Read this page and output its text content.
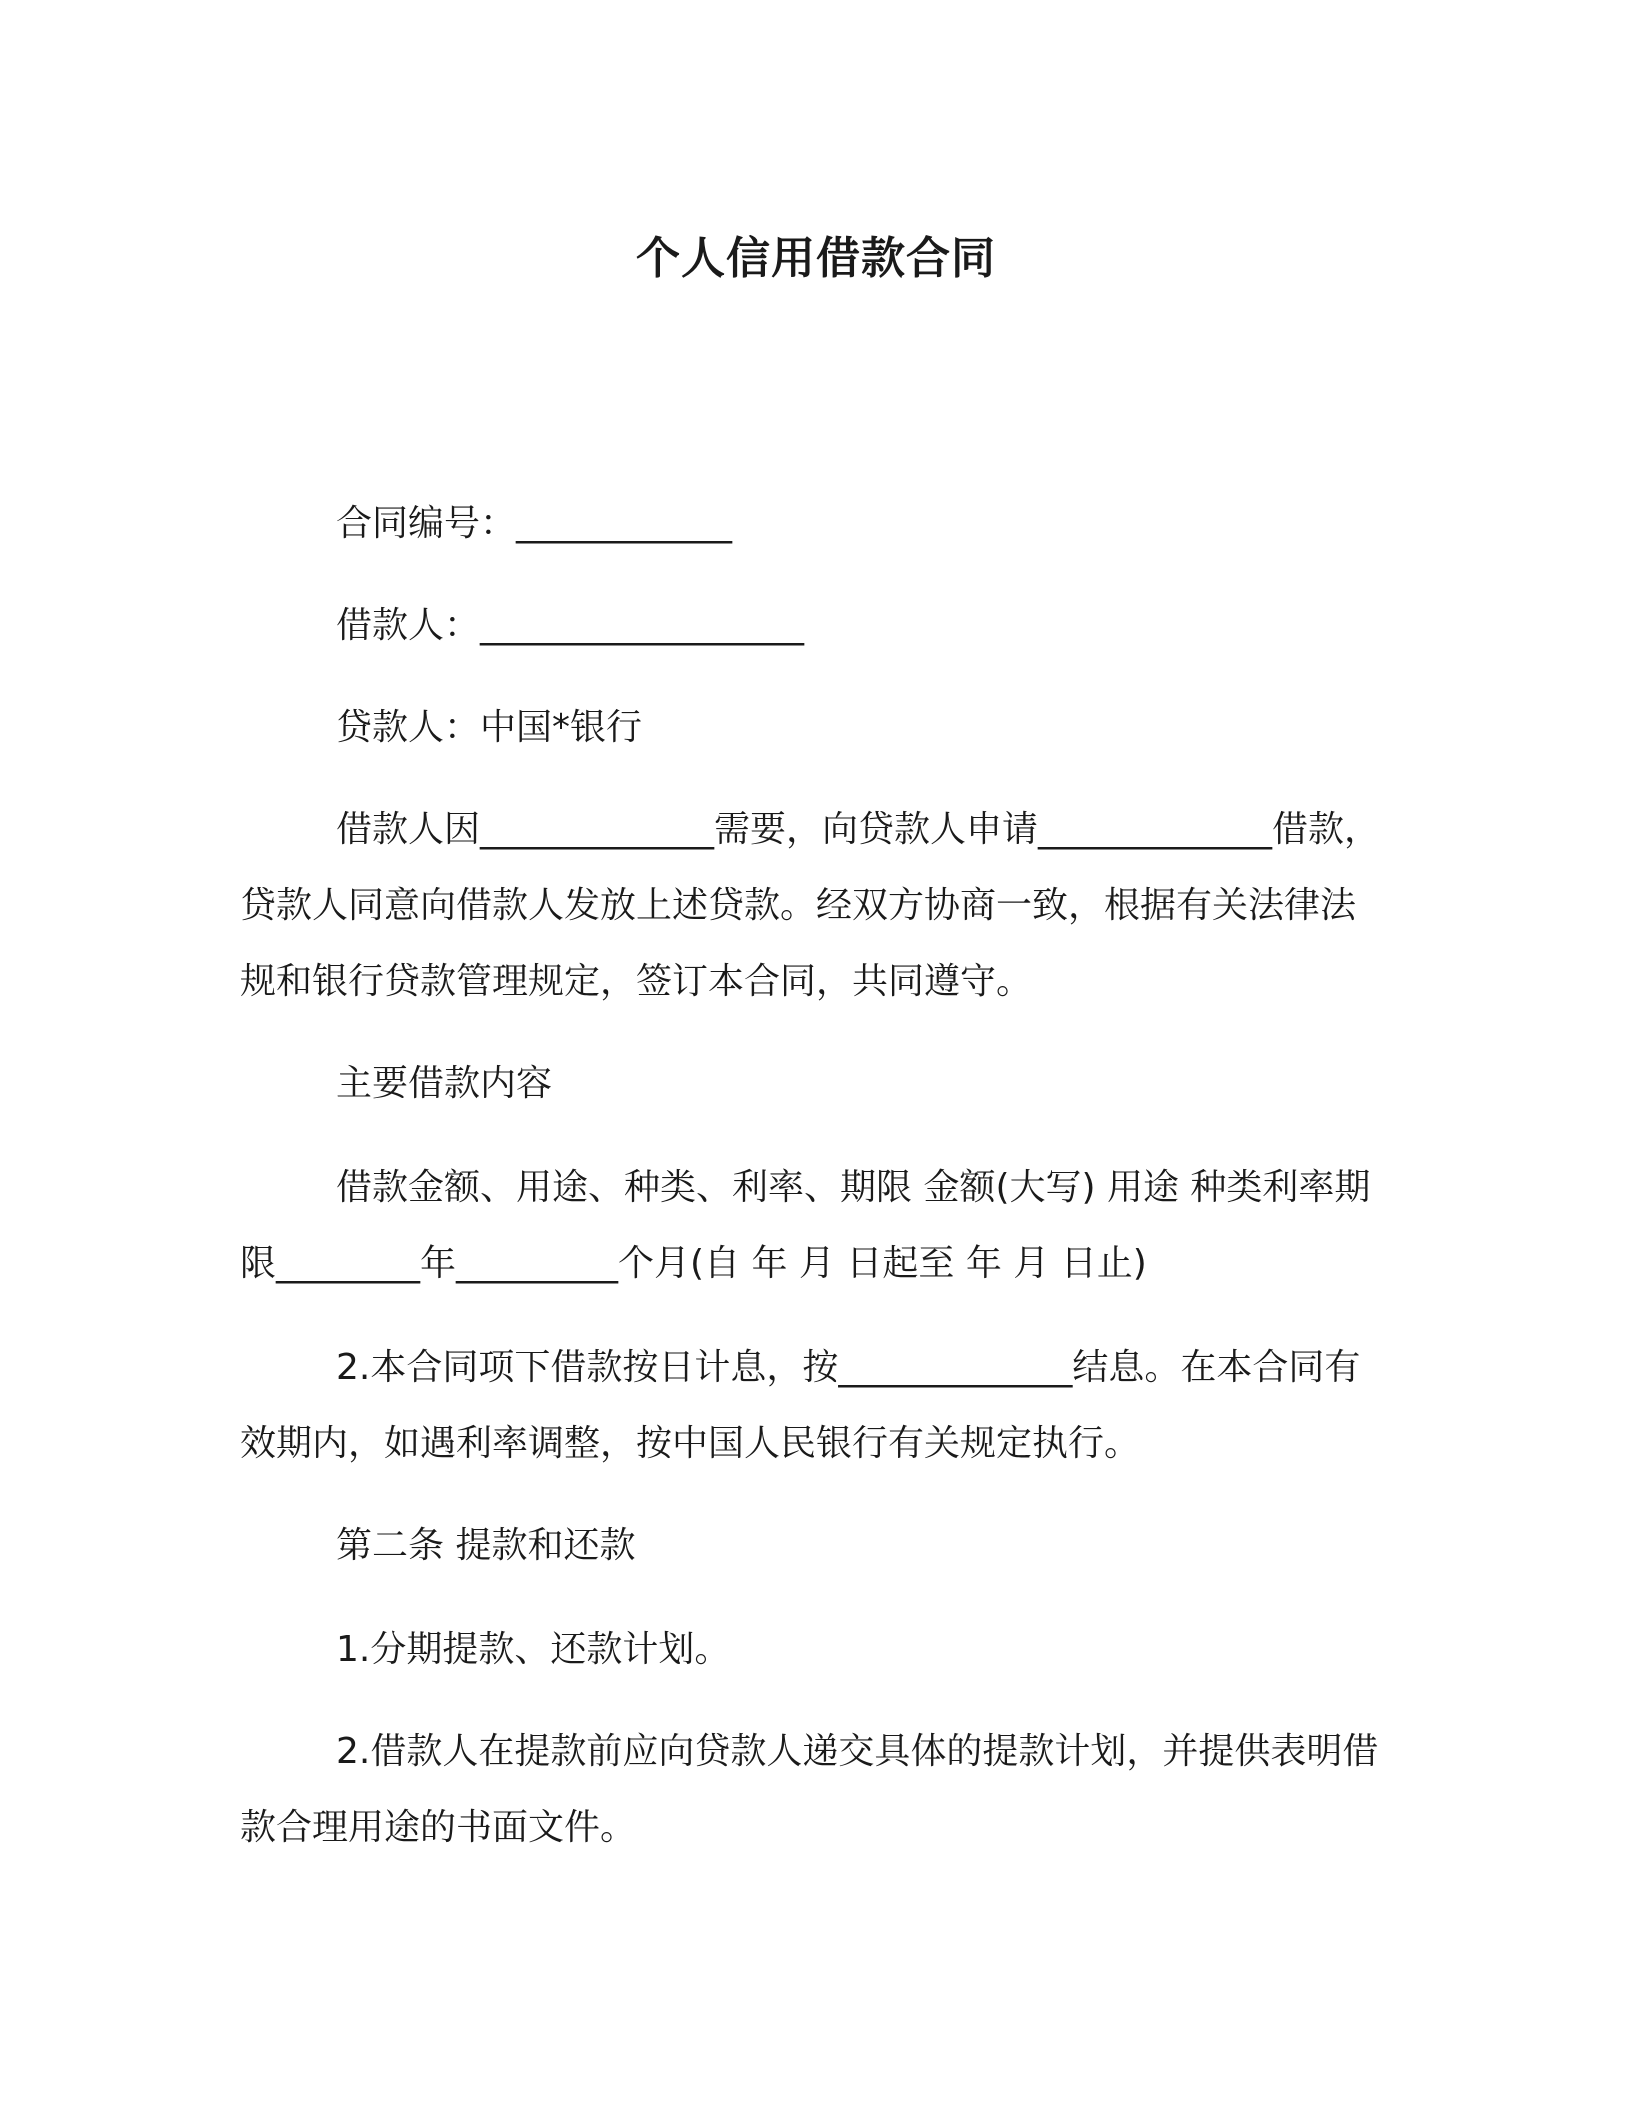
个人信用借款合同

合同编号：____________

借款人：__________________

贷款人：中国*银行

借款人因_____________需要，向贷款人申请_____________借款，贷款人同意向借款人发放上述贷款。经双方协商一致，根据有关法律法规和银行贷款管理规定，签订本合同，共同遵守。

主要借款内容

借款金额、用途、种类、利率、期限 金额(大写) 用途 种类利率期限________年_________个月(自 年 月 日起至 年 月 日止)

2.本合同项下借款按日计息，按_____________结息。在本合同有效期内，如遇利率调整，按中国人民银行有关规定执行。

第二条 提款和还款

1.分期提款、还款计划。

2.借款人在提款前应向贷款人递交具体的提款计划，并提供表明借款合理用途的书面文件。
